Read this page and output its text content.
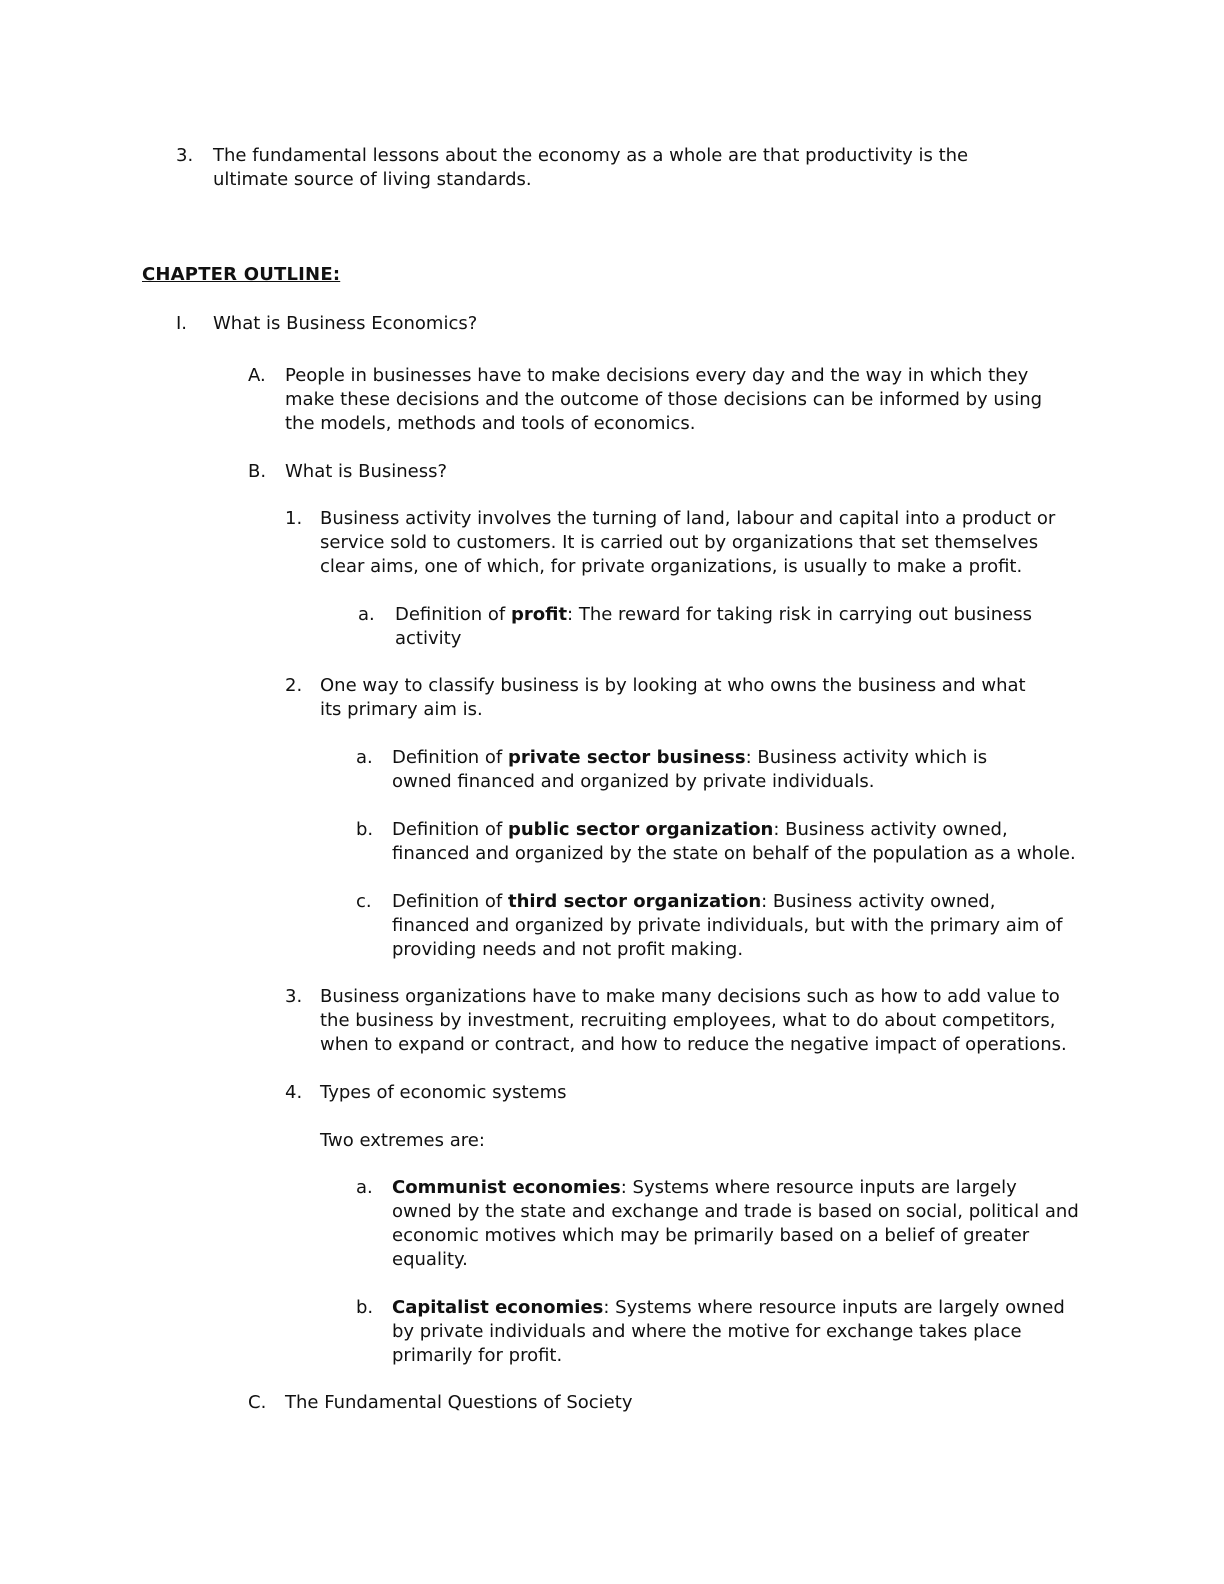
3. The fundamental lessons about the economy as a whole are that productivity is the ultimate source of living standards.
CHAPTER OUTLINE:
I. What is Business Economics?
A. People in businesses have to make decisions every day and the way in which they make these decisions and the outcome of those decisions can be informed by using the models, methods and tools of economics.
B. What is Business?
1. Business activity involves the turning of land, labour and capital into a product or service sold to customers. It is carried out by organizations that set themselves clear aims, one of which, for private organizations, is usually to make a profit.
a. Definition of profit: The reward for taking risk in carrying out business activity
2. One way to classify business is by looking at who owns the business and what its primary aim is.
a. Definition of private sector business: Business activity which is owned financed and organized by private individuals.
b. Definition of public sector organization: Business activity owned, financed and organized by the state on behalf of the population as a whole.
c. Definition of third sector organization: Business activity owned, financed and organized by private individuals, but with the primary aim of providing needs and not profit making.
3. Business organizations have to make many decisions such as how to add value to the business by investment, recruiting employees, what to do about competitors, when to expand or contract, and how to reduce the negative impact of operations.
4. Types of economic systems
Two extremes are:
a. Communist economies: Systems where resource inputs are largely owned by the state and exchange and trade is based on social, political and economic motives which may be primarily based on a belief of greater equality.
b. Capitalist economies: Systems where resource inputs are largely owned by private individuals and where the motive for exchange takes place primarily for profit.
C. The Fundamental Questions of Society
